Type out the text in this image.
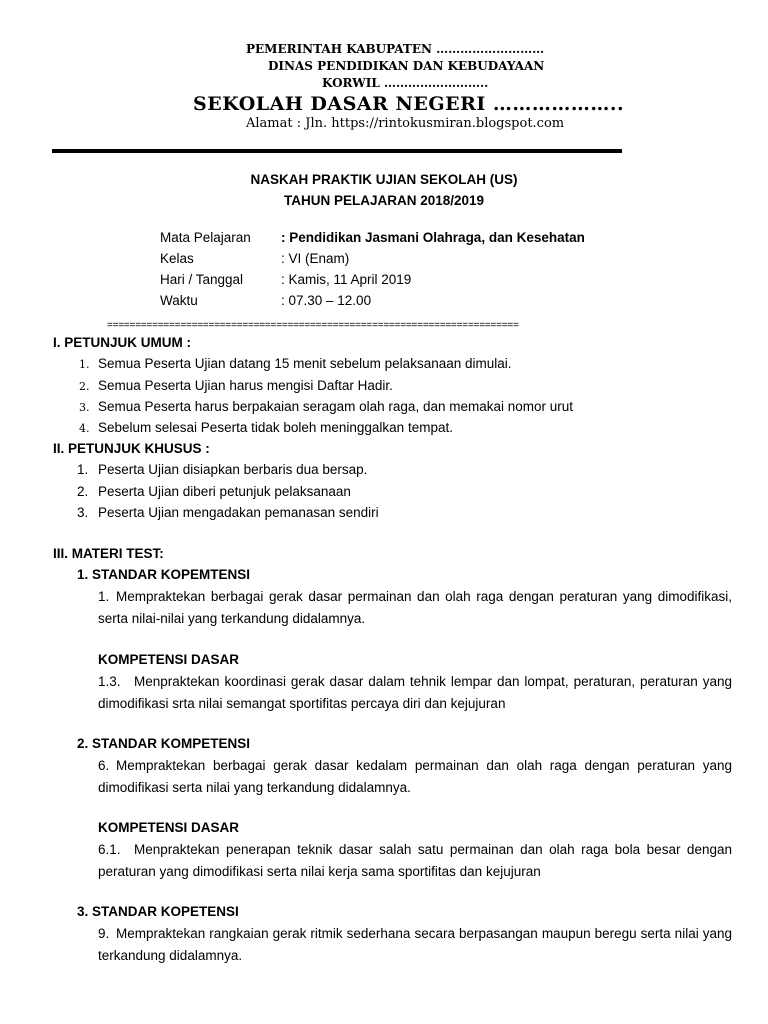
PEMERINTAH KABUPATEN ………………………
DINAS PENDIDIKAN DAN KEBUDAYAAN
KORWIL ……………………..
SEKOLAH DASAR NEGERI ………………..
Alamat : Jln. https://rintokusmiran.blogspot.com
NASKAH PRAKTIK UJIAN SEKOLAH (US)
TAHUN PELAJARAN 2018/2019
Mata Pelajaran : Pendidikan Jasmani Olahraga, dan Kesehatan
Kelas	: VI (Enam)
Hari / Tanggal	: Kamis, 11 April 2019
Waktu	: 07.30 – 12.00
=========================================================================
I. PETUNJUK UMUM :
1. Semua Peserta Ujian datang 15 menit sebelum pelaksanaan dimulai.
2. Semua Peserta Ujian harus mengisi Daftar Hadir.
3. Semua Peserta harus berpakaian seragam olah raga, dan memakai nomor urut
4. Sebelum selesai Peserta tidak boleh meninggalkan tempat.
II. PETUNJUK KHUSUS :
1. Peserta Ujian disiapkan berbaris dua bersap.
2. Peserta Ujian diberi petunjuk pelaksanaan
3. Peserta Ujian mengadakan pemanasan sendiri
III. MATERI TEST:
1. STANDAR KOPEMTENSI
1. Mempraktekan berbagai gerak dasar permainan dan olah raga dengan peraturan yang dimodifikasi, serta nilai-nilai yang terkandung didalamnya.
KOMPETENSI DASAR
1.3. Menpraktekan koordinasi gerak dasar dalam tehnik lempar dan lompat, peraturan, peraturan yang dimodifikasi srta nilai semangat sportifitas percaya diri dan kejujuran
2. STANDAR KOMPETENSI
6. Mempraktekan berbagai gerak dasar kedalam permainan dan olah raga dengan peraturan yang dimodifikasi serta nilai yang terkandung didalamnya.
KOMPETENSI DASAR
6.1. Menpraktekan penerapan teknik dasar salah satu permainan dan olah raga bola besar dengan peraturan yang dimodifikasi serta nilai kerja sama sportifitas dan kejujuran
3. STANDAR KOPETENSI
9. Mempraktekan rangkaian gerak ritmik sederhana secara berpasangan maupun beregu serta nilai yang terkandung didalamnya.
